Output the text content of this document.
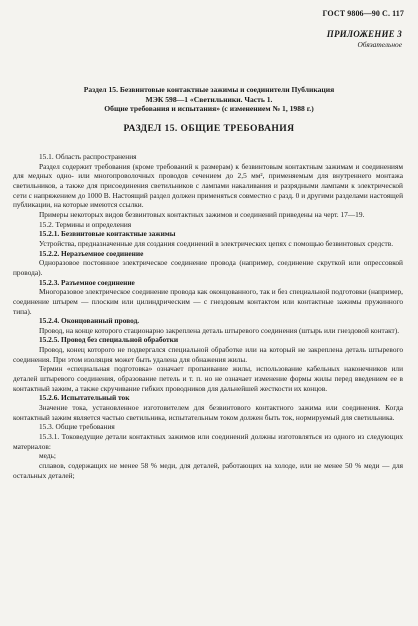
ГОСТ 9806—90 С. 117
ПРИЛОЖЕНИЕ 3
Обязательное
Раздел 15. Безвинтовые контактные зажимы и соединители Публикация
МЭК 598—1 «Светильники. Часть 1.
Общие требования и испытания» (с изменением № 1, 1988 г.)
РАЗДЕЛ 15. ОБЩИЕ ТРЕБОВАНИЯ

15.1. Область распространения

Раздел содержит требования (кроме требований к размерам) к безвинтовым контактным зажимам и соединениям для медных одно- или многопроволочных проводов сечением до 2,5 мм², применяемым для внутреннего монтажа светильников, а также для присоединения светильников с лампами накаливания и разрядными лампами к электрической сети с напряжением до 1000 В. Настоящий раздел должен применяться совместно с разд. 0 и другими разделами настоящей публикации, на которые имеются ссылки.

Примеры некоторых видов безвинтовых контактных зажимов и соединений приведены на черт. 17—19.

15.2. Термины и определения

15.2.1. Безвинтовые контактные зажимы

Устройства, предназначенные для создания соединений в электрических цепях с помощью безвинтовых средств.

15.2.2. Неразъемное соединение

Одноразовое постоянное электрическое соединение провода (например, соединение скруткой или опрессовкой провода).

15.2.3. Разъемное соединение

Многоразовое электрическое соединение провода как оконцованного, так и без специальной подготовки (например, соединение штырем — плоским или цилиндрическим — с гнездовым контактом или контактные зажимы пружинного типа).

15.2.4. Оконцованный провод.

Провод, на конце которого стационарно закреплена деталь штыревого соединения (штырь или гнездовой контакт).

15.2.5. Провод без специальной обработки

Провод, конец которого не подвергался специальной обработке или на который не закреплена деталь штыревого соединения. При этом изоляция может быть удалена для обнажения жилы.

Термин «специальная подготовка» означает пропаивание жилы, использование кабельных наконечников или деталей штыревого соединения, образование петель и т. п. но не означает изменение формы жилы перед введением ее в контактный зажим, а также скручивание гибких проводников для дальнейшей жесткости их концов.

15.2.6. Испытательный ток

Значение тока, установленное изготовителем для безвинтового контактного зажима или соединения. Когда контактный зажим является частью светильника, испытательным током должен быть ток, нормируемый для светильника.

15.3. Общие требования

15.3.1. Токоведущие детали контактных зажимов или соединений должны изготовляться из одного из следующих материалов:

медь;

сплавов, содержащих не менее 58 % меди, для деталей, работающих на холоде, или не менее 50 % меди — для остальных деталей;
